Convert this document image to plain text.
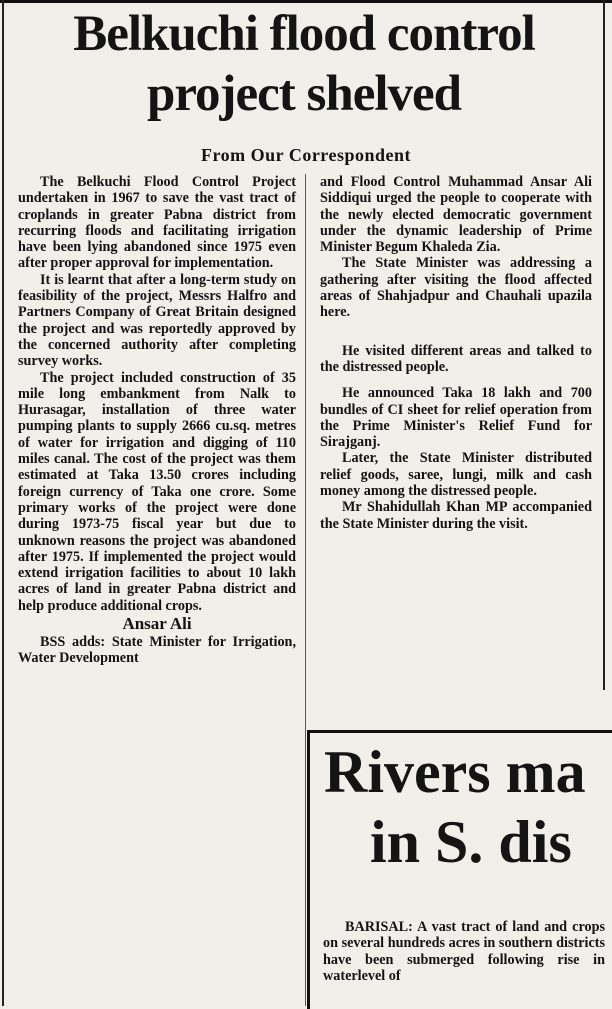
Belkuchi flood control
project shelved
From Our Correspondent

The Belkuchi Flood Control Project undertaken in 1967 to save the vast tract of croplands in greater Pabna district from recurring floods and facilitating irrigation have been lying abandoned since 1975 even after proper approval for implementation.

It is learnt that after a long-term study on feasibility of the project, Messrs Halfro and Partners Company of Great Britain designed the project and was reportedly approved by the concerned authority after completing survey works.

The project included construction of 35 mile long embankment from Nalk to Hurasagar, installation of three water pumping plants to supply 2666 cu.sq. metres of water for irrigation and digging of 110 miles canal. The cost of the project was them estimated at Taka 13.50 crores including foreign currency of Taka one crore. Some primary works of the project were done during 1973-75 fiscal year but due to unknown reasons the project was abandoned after 1975. If implemented the project would extend irrigation facilities to about 10 lakh acres of land in greater Pabna district and help produce additional crops.

Ansar Ali

BSS adds: State Minister for Irrigation, Water Development

and Flood Control Muhammad Ansar Ali Siddiqui urged the people to cooperate with the newly elected democratic government under the dynamic leadership of Prime Minister Begum Khaleda Zia.

The State Minister was addressing a gathering after visiting the flood affected areas of Shahjadpur and Chauhali upazila here.

He visited different areas and talked to the distressed people.

He announced Taka 18 lakh and 700 bundles of CI sheet for relief operation from the Prime Minister's Relief Fund for Sirajganj.

Later, the State Minister distributed relief goods, saree, lungi, milk and cash money among the distressed people.

Mr Shahidullah Khan MP accompanied the State Minister during the visit.

Rivers ma
in S. dis

BARISAL: A vast tract of land and crops on several hundreds acres in southern districts have been submerged following rise in waterlevel of
